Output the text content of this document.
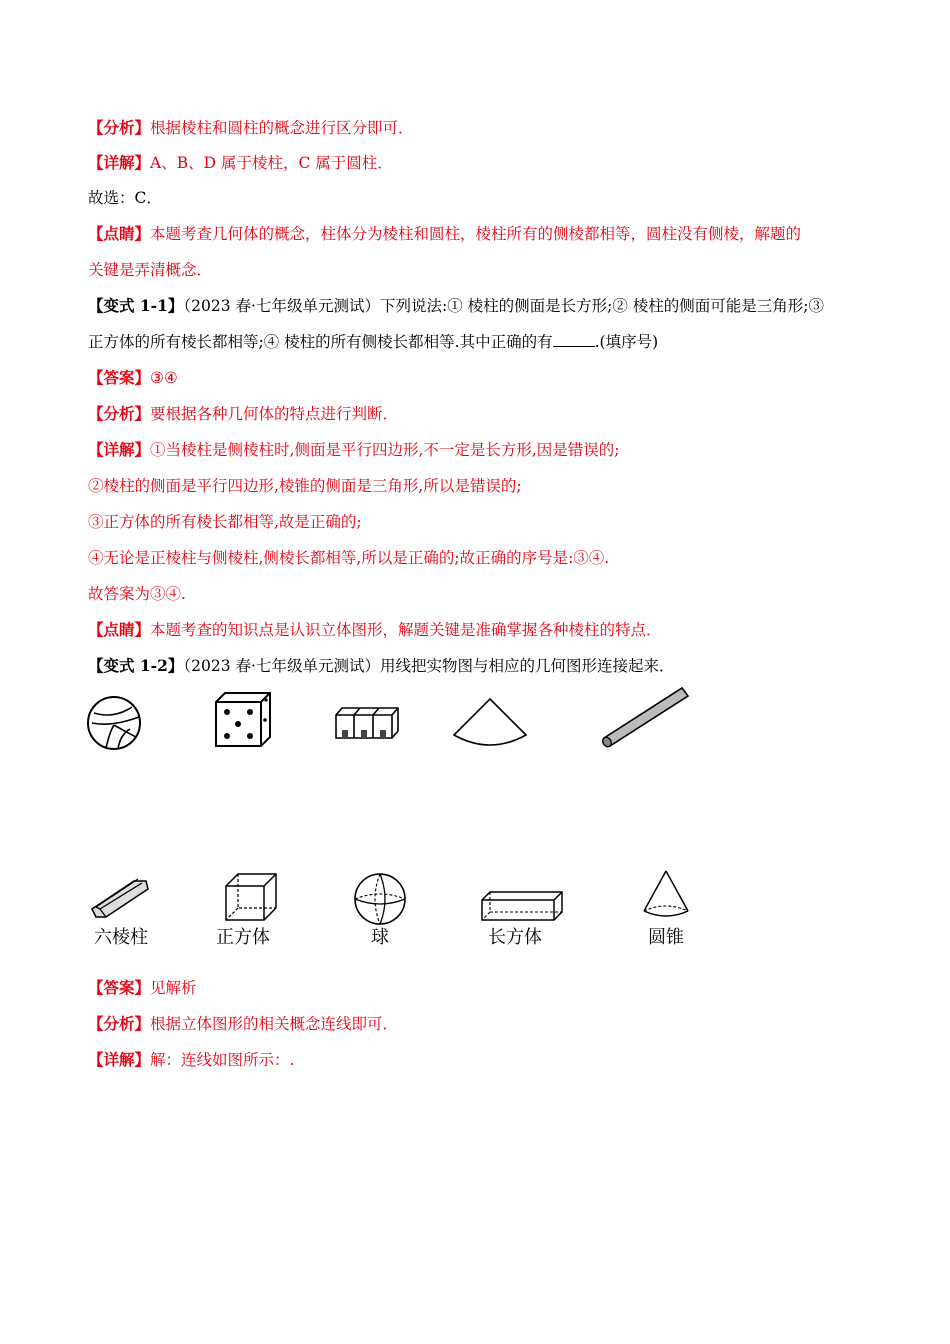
【分析】根据棱柱和圆柱的概念进行区分即可．
【详解】A、B、D 属于棱柱，C 属于圆柱．
故选：C．
【点睛】本题考查几何体的概念，柱体分为棱柱和圆柱，棱柱所有的侧棱都相等，圆柱没有侧棱，解题的
关键是弄清概念．
【变式 1-1】（2023 春·七年级单元测试）下列说法:① 棱柱的侧面是长方形;② 棱柱的侧面可能是三角形;③
正方体的所有棱长都相等;④ 棱柱的所有侧棱长都相等.其中正确的有	.(填序号)
【答案】③④
【分析】要根据各种几何体的特点进行判断．
【详解】①当棱柱是侧棱柱时,侧面是平行四边形,不一定是长方形,因是错误的;
②棱柱的侧面是平行四边形,棱锥的侧面是三角形,所以是错误的;
③正方体的所有棱长都相等,故是正确的;
④无论是正棱柱与侧棱柱,侧棱长都相等,所以是正确的;故正确的序号是:③④.
故答案为③④.
【点睛】本题考查的知识点是认识立体图形，解题关键是准确掌握各种棱柱的特点．
【变式 1-2】（2023 春·七年级单元测试）用线把实物图与相应的几何图形连接起来．
六棱柱	正方体	球	长方体	圆锥
【答案】见解析
【分析】根据立体图形的相关概念连线即可．
【详解】解：连线如图所示：.
